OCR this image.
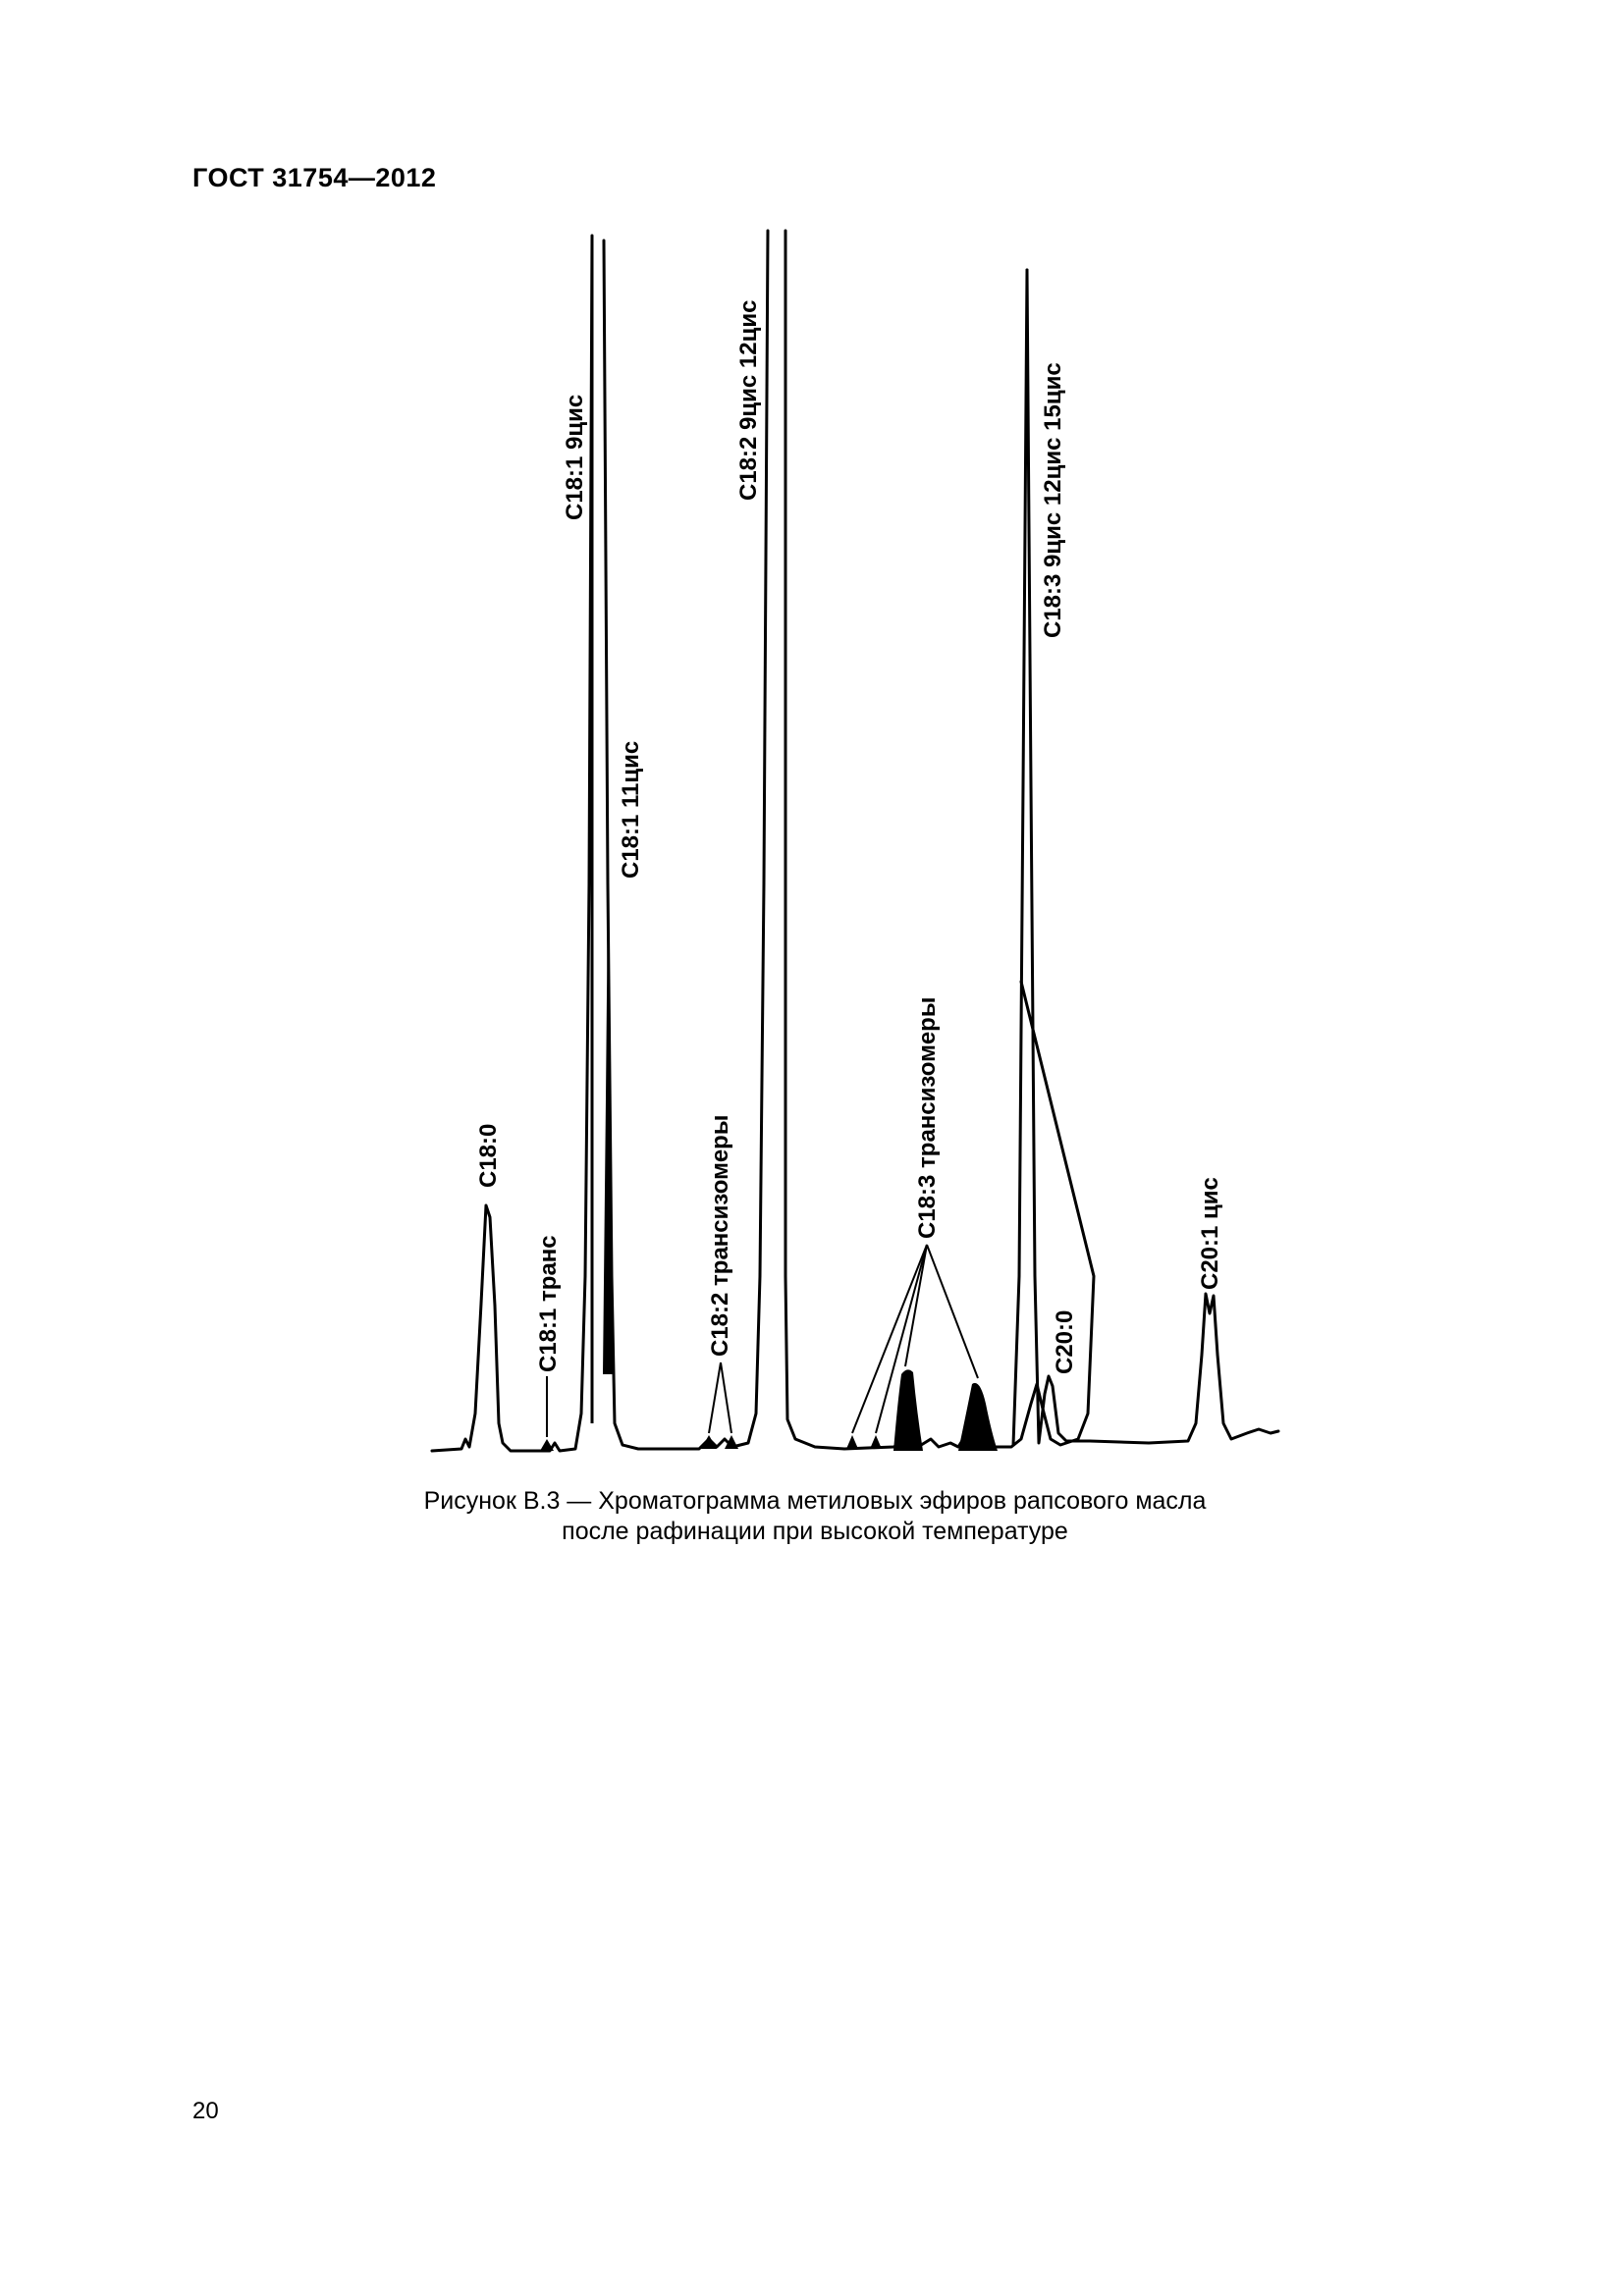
ГОСТ 31754—2012
C18:0
C18:1 транс
C18:1 9цис
C18:1 11цис
C18:2 трансизомеры
C18:2 9цис 12цис
C18:3 трансизомеры
C18:3 9цис 12цис 15цис
C20:0
C20:1 цис
Рисунок В.3 — Хроматограмма метиловых эфиров рапсового масла
после рафинации при высокой температуре
20
